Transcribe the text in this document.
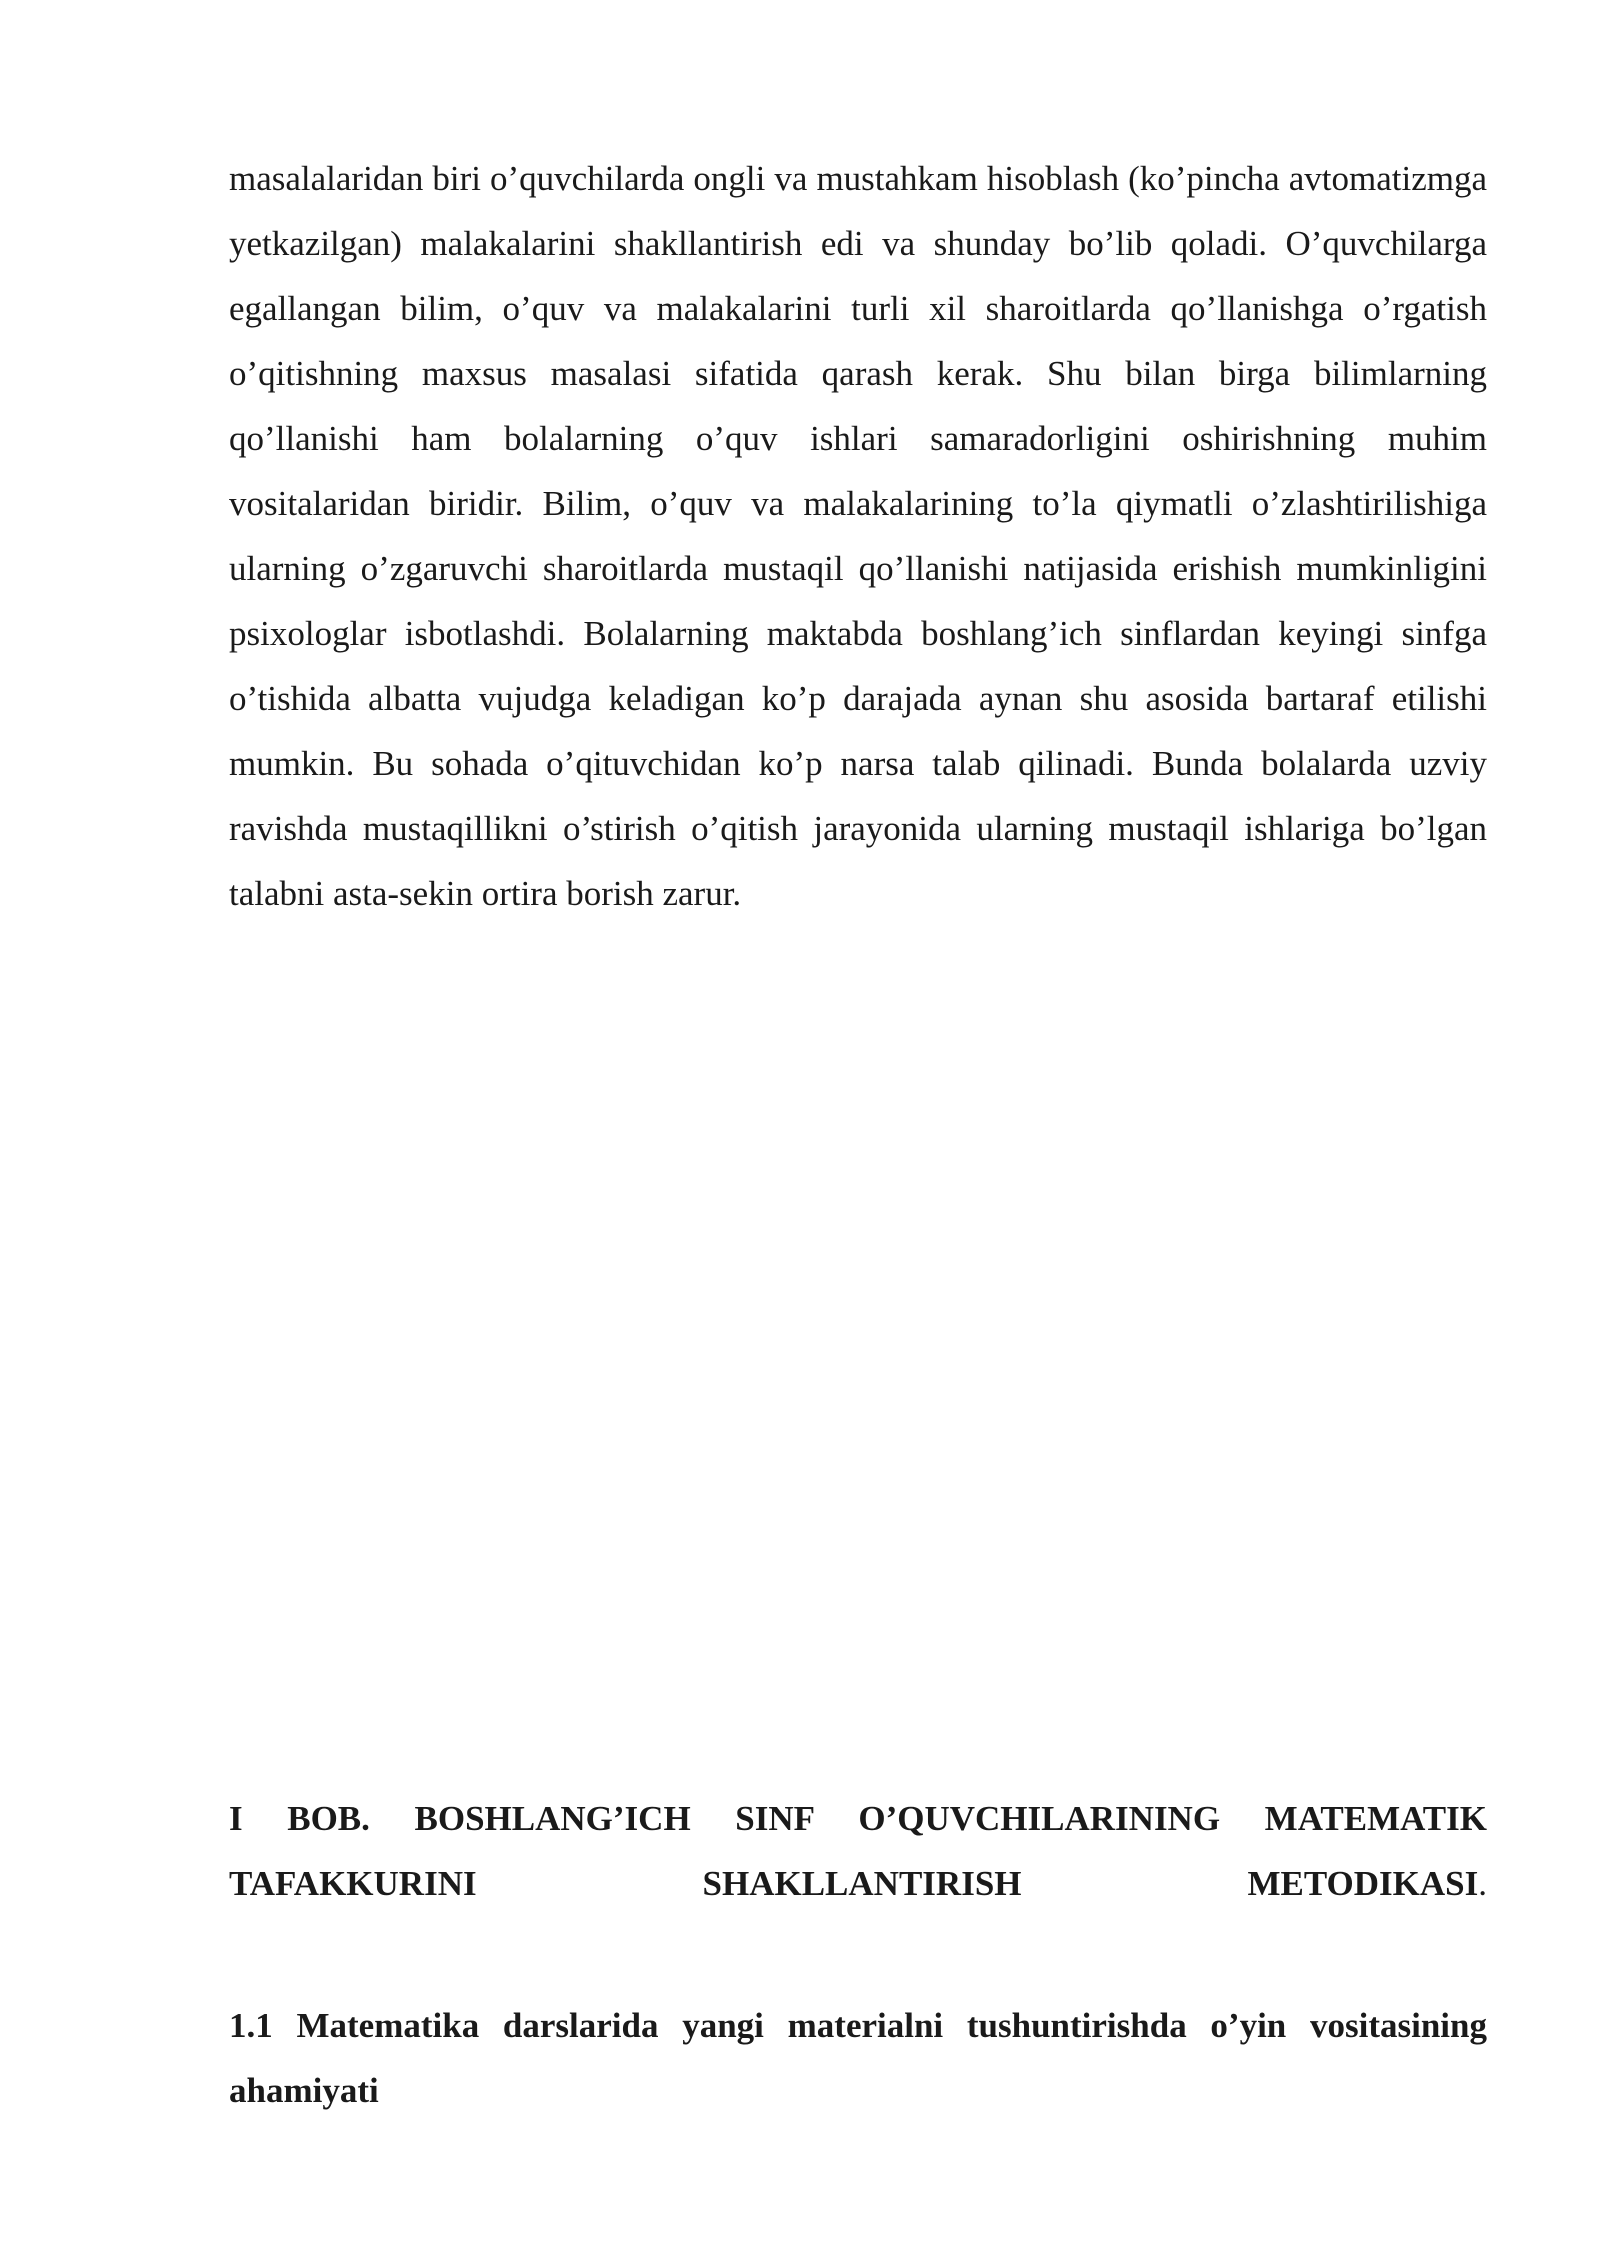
masalalaridan biri o’quvchilarda ongli va mustahkam hisoblash (ko’pincha avtomatizmga yetkazilgan) malakalarini shakllantirish edi va shunday bo’lib qoladi. O’quvchilarga egallangan bilim, o’quv va malakalarini turli xil sharoitlarda qo’llanishga o’rgatish o’qitishning maxsus masalasi sifatida qarash kerak. Shu bilan birga bilimlarning qo’llanishi ham bolalarning o’quv ishlari samaradorligini oshirishning muhim vositalaridan biridir. Bilim, o’quv va malakalarining to’la qiymatli o’zlashtirilishiga ularning o’zgaruvchi sharoitlarda mustaqil qo’llanishi natijasida erishish mumkinligini psixologlar isbotlashdi. Bolalarning maktabda boshlang’ich sinflardan keyingi sinfga o’tishida albatta vujudga keladigan ko’p darajada aynan shu asosida bartaraf etilishi mumkin. Bu sohada o’qituvchidan ko’p narsa talab qilinadi. Bunda bolalarda uzviy ravishda mustaqillikni o’stirish o’qitish jarayonida ularning mustaqil ishlariga bo’lgan talabni asta-sekin ortira borish zarur.

I BOB. BOSHLANG’ICH SINF O’QUVCHILARINING MATEMATIK TAFAKKURINI SHAKLLANTIRISH METODIKASI.
1.1 Matematika darslarida yangi materialni tushuntirishda o’yin vositasining ahamiyati
